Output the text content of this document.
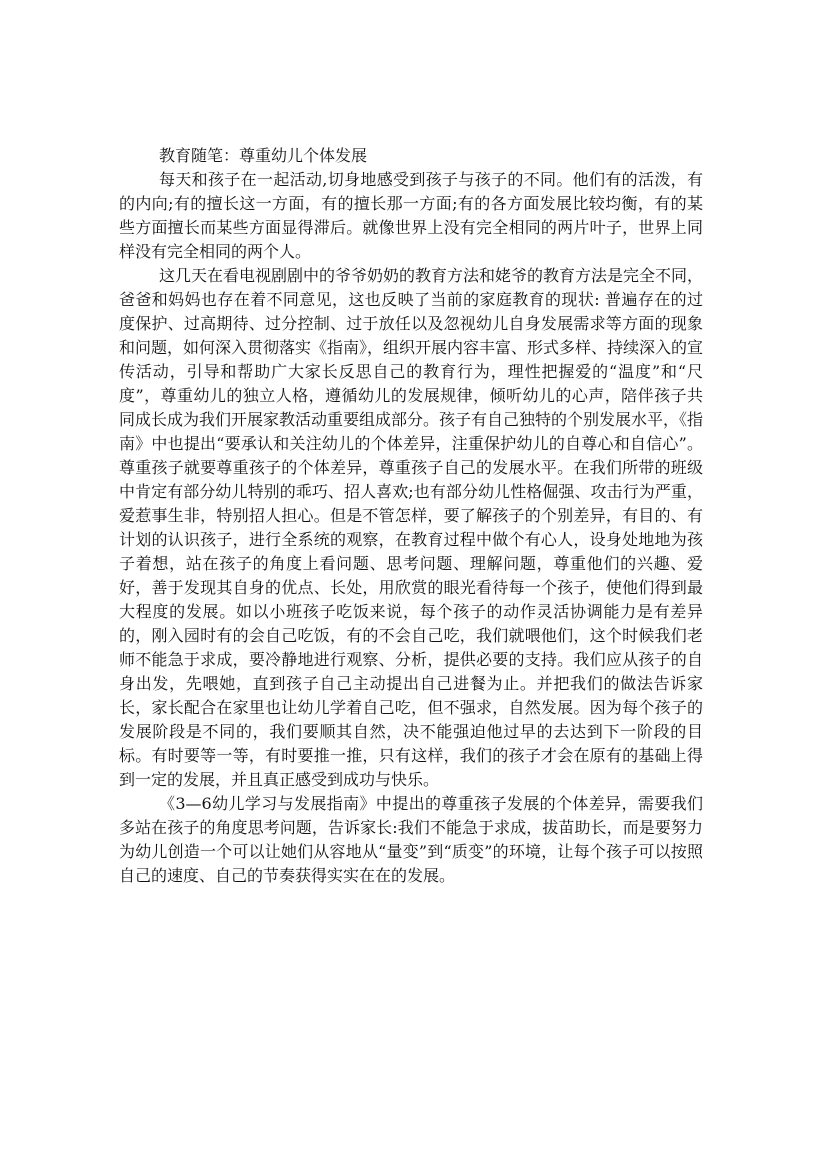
教育随笔：尊重幼儿个体发展

每天和孩子在一起活动,切身地感受到孩子与孩子的不同。他们有的活泼，有的内向;有的擅长这一方面，有的擅长那一方面;有的各方面发展比较均衡，有的某些方面擅长而某些方面显得滞后。就像世界上没有完全相同的两片叶子，世界上同样没有完全相同的两个人。

这几天在看电视剧剧中的爷爷奶奶的教育方法和姥爷的教育方法是完全不同，爸爸和妈妈也存在着不同意见，这也反映了当前的家庭教育的现状: 普遍存在的过度保护、过高期待、过分控制、过于放任以及忽视幼儿自身发展需求等方面的现象和问题，如何深入贯彻落实《指南》，组织开展内容丰富、形式多样、持续深入的宣传活动，引导和帮助广大家长反思自己的教育行为，理性把握爱的“温度”和“尺度”，尊重幼儿的独立人格，遵循幼儿的发展规律，倾听幼儿的心声，陪伴孩子共同成长成为我们开展家教活动重要组成部分。孩子有自己独特的个别发展水平，《指南》中也提出“要承认和关注幼儿的个体差异，注重保护幼儿的自尊心和自信心”。尊重孩子就要尊重孩子的个体差异，尊重孩子自己的发展水平。在我们所带的班级中肯定有部分幼儿特别的乖巧、招人喜欢;也有部分幼儿性格倔强、攻击行为严重，爱惹事生非，特别招人担心。但是不管怎样，要了解孩子的个别差异，有目的、有计划的认识孩子，进行全系统的观察，在教育过程中做个有心人，设身处地地为孩子着想，站在孩子的角度上看问题、思考问题、理解问题，尊重他们的兴趣、爱好，善于发现其自身的优点、长处，用欣赏的眼光看待每一个孩子，使他们得到最大程度的发展。如以小班孩子吃饭来说，每个孩子的动作灵活协调能力是有差异的，刚入园时有的会自己吃饭，有的不会自己吃，我们就喂他们，这个时候我们老师不能急于求成，要冷静地进行观察、分析，提供必要的支持。我们应从孩子的自身出发，先喂她，直到孩子自己主动提出自己进餐为止。并把我们的做法告诉家长，家长配合在家里也让幼儿学着自己吃，但不强求，自然发展。因为每个孩子的发展阶段是不同的，我们要顺其自然，决不能强迫他过早的去达到下一阶段的目标。有时要等一等，有时要推一推，只有这样，我们的孩子才会在原有的基础上得到一定的发展，并且真正感受到成功与快乐。

《3—6幼儿学习与发展指南》中提出的尊重孩子发展的个体差异，需要我们多站在孩子的角度思考问题，告诉家长:我们不能急于求成，拔苗助长，而是要努力为幼儿创造一个可以让她们从容地从“量变”到“质变”的环境，让每个孩子可以按照自己的速度、自己的节奏获得实实在在的发展。
